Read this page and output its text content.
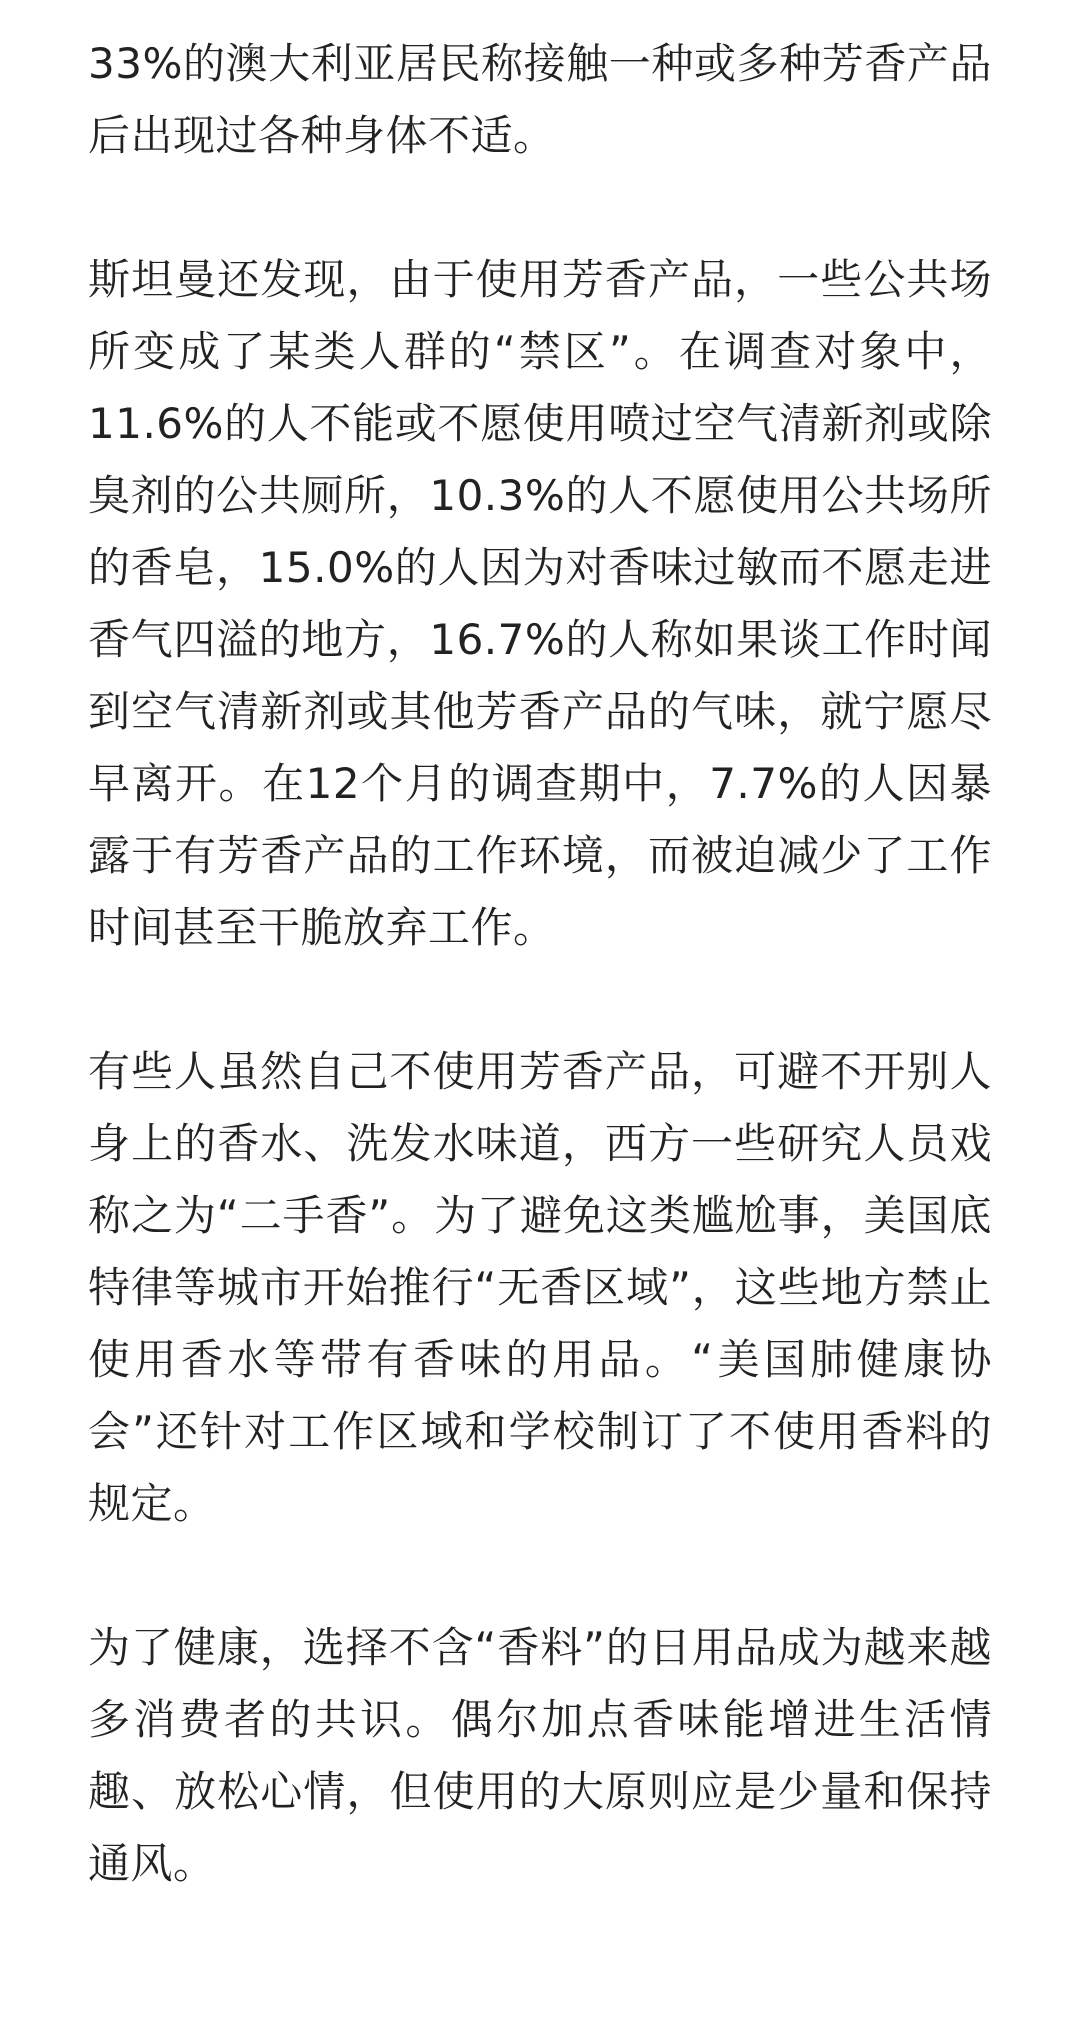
33%的澳大利亚居民称接触一种或多种芳香产品后出现过各种身体不适。

斯坦曼还发现，由于使用芳香产品，一些公共场所变成了某类人群的“禁区”。在调查对象中，11.6%的人不能或不愿使用喷过空气清新剂或除臭剂的公共厕所，10.3%的人不愿使用公共场所的香皂，15.0%的人因为对香味过敏而不愿走进香气四溢的地方，16.7%的人称如果谈工作时闻到空气清新剂或其他芳香产品的气味，就宁愿尽早离开。在12个月的调查期中，7.7%的人因暴露于有芳香产品的工作环境，而被迫减少了工作时间甚至干脆放弃工作。

有些人虽然自己不使用芳香产品，可避不开别人身上的香水、洗发水味道，西方一些研究人员戏称之为“二手香”。为了避免这类尴尬事，美国底特律等城市开始推行“无香区域”，这些地方禁止使用香水等带有香味的用品。“美国肺健康协会”还针对工作区域和学校制订了不使用香料的规定。

为了健康，选择不含“香料”的日用品成为越来越多消费者的共识。偶尔加点香味能增进生活情趣、放松心情，但使用的大原则应是少量和保持通风。
